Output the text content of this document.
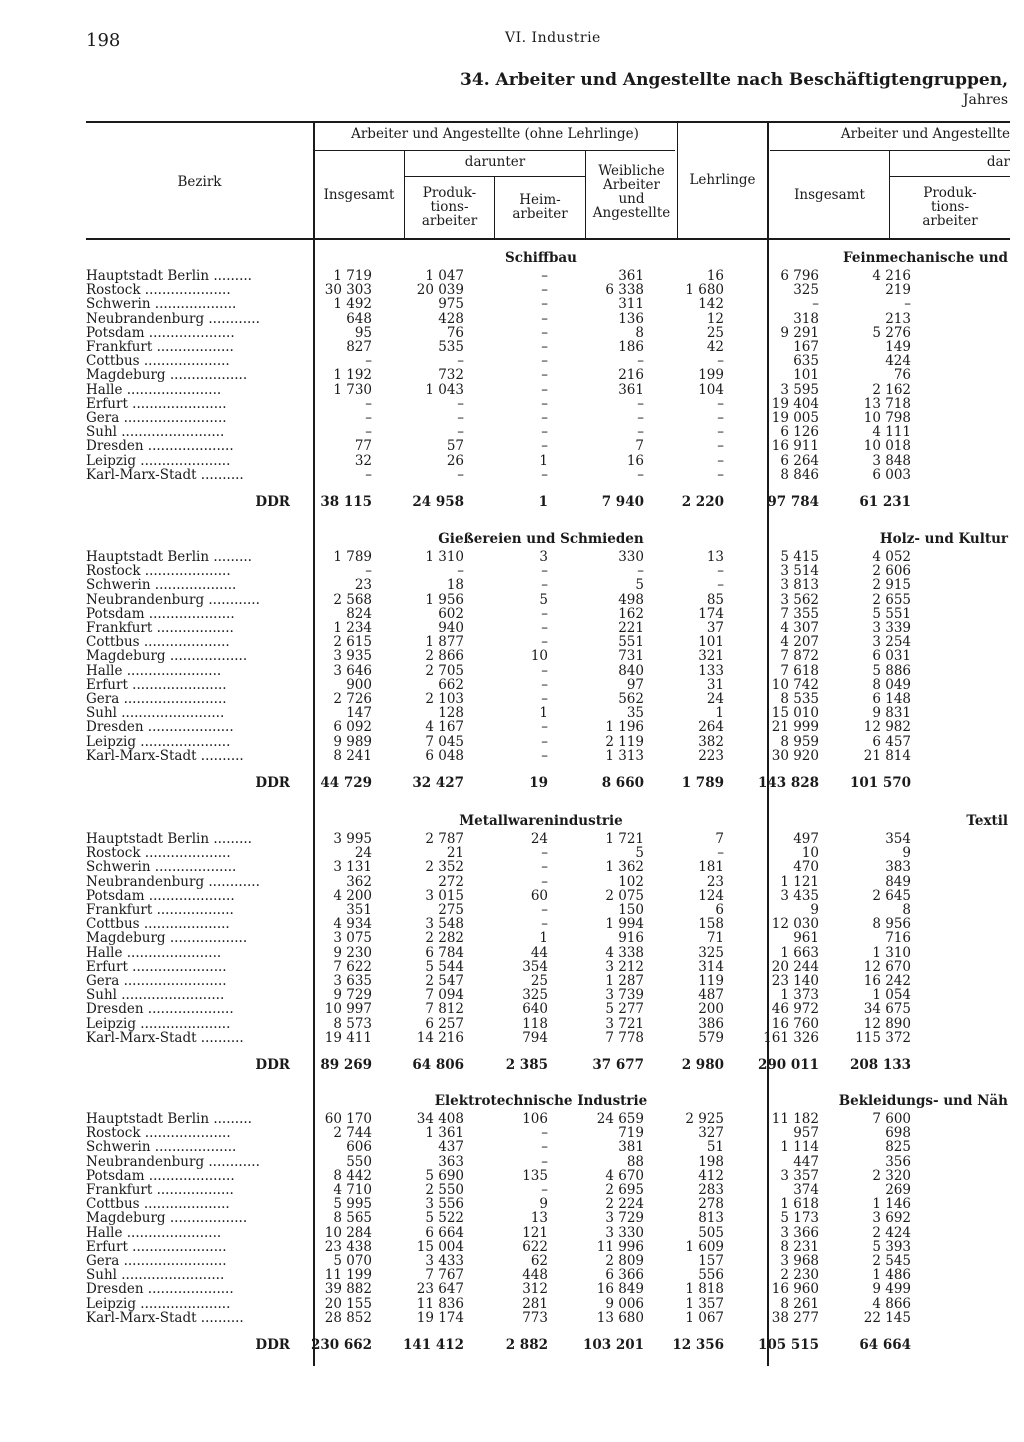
198	VI. Industrie
34. Arbeiter und Angestellte nach Beschäftigtengruppen,
Jahres
Bezirk
Arbeiter und Angestellte (ohne Lehrlinge)
darunter
Insgesamt	Produk-
tions-
arbeiter
Heim-
arbeiter
Weibliche
Arbeiter
und
Angestellte
Lehrlinge
Arbeiter und Angestellte
dar
Insgesamt	Produk-
tions-
arbeiter
Schiffbau	Feinmechanische und
Hauptstadt Berlin .........	1 719	1 047	–	361	16	6 796	4 216
Rostock ....................	30 303	20 039	–	6 338	1 680	325	219
Schwerin ...................	1 492	975	–	311	142	–	–
Neubrandenburg ............	648	428	–	136	12	318	213
Potsdam ....................	95	76	–	8	25	9 291	5 276
Frankfurt ..................	827	535	–	186	42	167	149
Cottbus ....................	–	–	–	–	–	635	424
Magdeburg ..................	1 192	732	–	216	199	101	76
Halle ......................	1 730	1 043	–	361	104	3 595	2 162
Erfurt ......................	–	–	–	–	–	19 404	13 718
Gera ........................	–	–	–	–	–	19 005	10 798
Suhl ........................	–	–	–	–	–	6 126	4 111
Dresden ....................	77	57	–	7	–	16 911	10 018
Leipzig .....................	32	26	1	16	–	6 264	3 848
Karl-Marx-Stadt ..........	–	–	–	–	–	8 846	6 003
DDR	38 115	24 958	1	7 940	2 220	97 784	61 231
Gießereien und Schmieden	Holz- und Kultur
Hauptstadt Berlin .........	1 789	1 310	3	330	13	5 415	4 052
Rostock ....................	–	–	–	–	–	3 514	2 606
Schwerin ...................	23	18	–	5	–	3 813	2 915
Neubrandenburg ............	2 568	1 956	5	498	85	3 562	2 655
Potsdam ....................	824	602	–	162	174	7 355	5 551
Frankfurt ..................	1 234	940	–	221	37	4 307	3 339
Cottbus ....................	2 615	1 877	–	551	101	4 207	3 254
Magdeburg ..................	3 935	2 866	10	731	321	7 872	6 031
Halle ......................	3 646	2 705	–	840	133	7 618	5 886
Erfurt ......................	900	662	–	97	31	10 742	8 049
Gera ........................	2 726	2 103	–	562	24	8 535	6 148
Suhl ........................	147	128	1	35	1	15 010	9 831
Dresden ....................	6 092	4 167	–	1 196	264	21 999	12 982
Leipzig .....................	9 989	7 045	–	2 119	382	8 959	6 457
Karl-Marx-Stadt ..........	8 241	6 048	–	1 313	223	30 920	21 814
DDR	44 729	32 427	19	8 660	1 789	143 828	101 570
Metallwarenindustrie	Textil
Hauptstadt Berlin .........	3 995	2 787	24	1 721	7	497	354
Rostock ....................	24	21	–	5	–	10	9
Schwerin ...................	3 131	2 352	–	1 362	181	470	383
Neubrandenburg ............	362	272	–	102	23	1 121	849
Potsdam ....................	4 200	3 015	60	2 075	124	3 435	2 645
Frankfurt ..................	351	275	–	150	6	9	8
Cottbus ....................	4 934	3 548	–	1 994	158	12 030	8 956
Magdeburg ..................	3 075	2 282	1	916	71	961	716
Halle ......................	9 230	6 784	44	4 338	325	1 663	1 310
Erfurt ......................	7 622	5 544	354	3 212	314	20 244	12 670
Gera ........................	3 635	2 547	25	1 287	119	23 140	16 242
Suhl ........................	9 729	7 094	325	3 739	487	1 373	1 054
Dresden ....................	10 997	7 812	640	5 277	200	46 972	34 675
Leipzig .....................	8 573	6 257	118	3 721	386	16 760	12 890
Karl-Marx-Stadt ..........	19 411	14 216	794	7 778	579	161 326	115 372
DDR	89 269	64 806	2 385	37 677	2 980	290 011	208 133
Elektrotechnische Industrie	Bekleidungs- und Näh
Hauptstadt Berlin .........	60 170	34 408	106	24 659	2 925	11 182	7 600
Rostock ....................	2 744	1 361	–	719	327	957	698
Schwerin ...................	606	437	–	381	51	1 114	825
Neubrandenburg ............	550	363	–	88	198	447	356
Potsdam ....................	8 442	5 690	135	4 670	412	3 357	2 320
Frankfurt ..................	4 710	2 550	–	2 695	283	374	269
Cottbus ....................	5 995	3 556	9	2 224	278	1 618	1 146
Magdeburg ..................	8 565	5 522	13	3 729	813	5 173	3 692
Halle ......................	10 284	6 664	121	3 330	505	3 366	2 424
Erfurt ......................	23 438	15 004	622	11 996	1 609	8 231	5 393
Gera ........................	5 070	3 433	62	2 809	157	3 968	2 545
Suhl ........................	11 199	7 767	448	6 366	556	2 230	1 486
Dresden ....................	39 882	23 647	312	16 849	1 818	16 960	9 499
Leipzig .....................	20 155	11 836	281	9 006	1 357	8 261	4 866
Karl-Marx-Stadt ..........	28 852	19 174	773	13 680	1 067	38 277	22 145
DDR	230 662	141 412	2 882	103 201	12 356	105 515	64 664
